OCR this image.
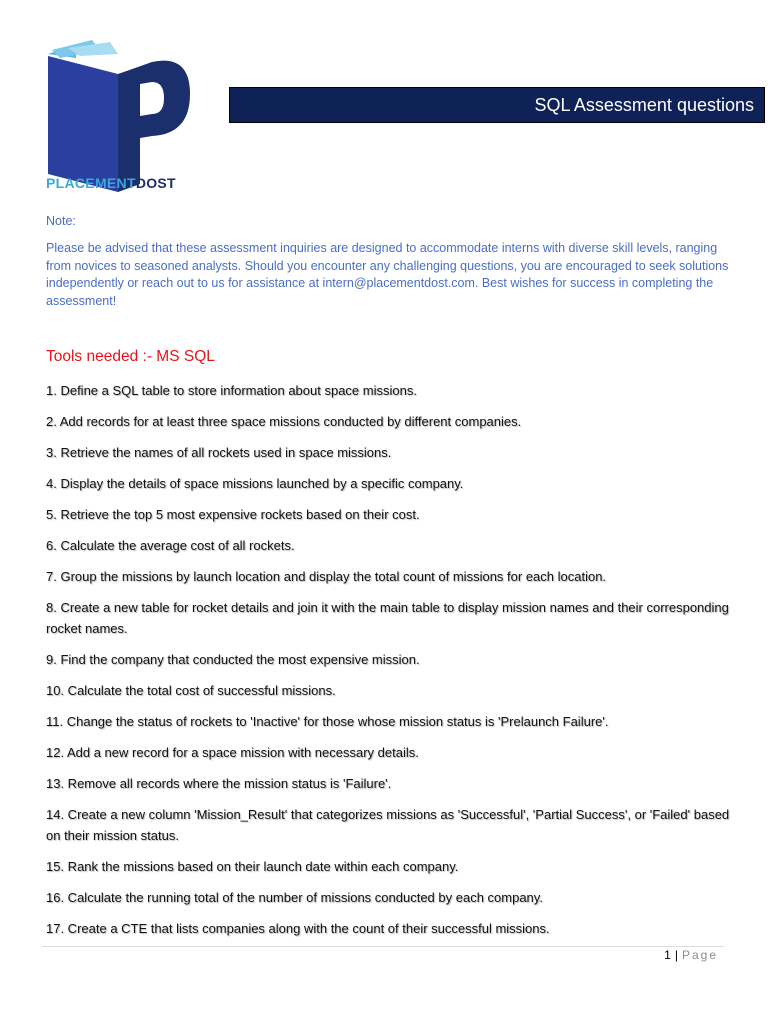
PLACEMENTDOST
SQL Assessment questions
Note:
Please be advised that these assessment inquiries are designed to accommodate interns with diverse skill levels, ranging from novices to seasoned analysts. Should you encounter any challenging questions, you are encouraged to seek solutions independently or reach out to us for assistance at intern@placementdost.com. Best wishes for success in completing the assessment!
Tools needed :- MS SQL
1. Define a SQL table to store information about space missions.
2. Add records for at least three space missions conducted by different companies.
3. Retrieve the names of all rockets used in space missions.
4. Display the details of space missions launched by a specific company.
5. Retrieve the top 5 most expensive rockets based on their cost.
6. Calculate the average cost of all rockets.
7. Group the missions by launch location and display the total count of missions for each location.
8. Create a new table for rocket details and join it with the main table to display mission names and their corresponding rocket names.
9. Find the company that conducted the most expensive mission.
10. Calculate the total cost of successful missions.
11. Change the status of rockets to 'Inactive' for those whose mission status is 'Prelaunch Failure'.
12. Add a new record for a space mission with necessary details.
13. Remove all records where the mission status is 'Failure'.
14. Create a new column 'Mission_Result' that categorizes missions as 'Successful', 'Partial Success', or 'Failed' based on their mission status.
15. Rank the missions based on their launch date within each company.
16. Calculate the running total of the number of missions conducted by each company.
17. Create a CTE that lists companies along with the count of their successful missions.
1 | Page
